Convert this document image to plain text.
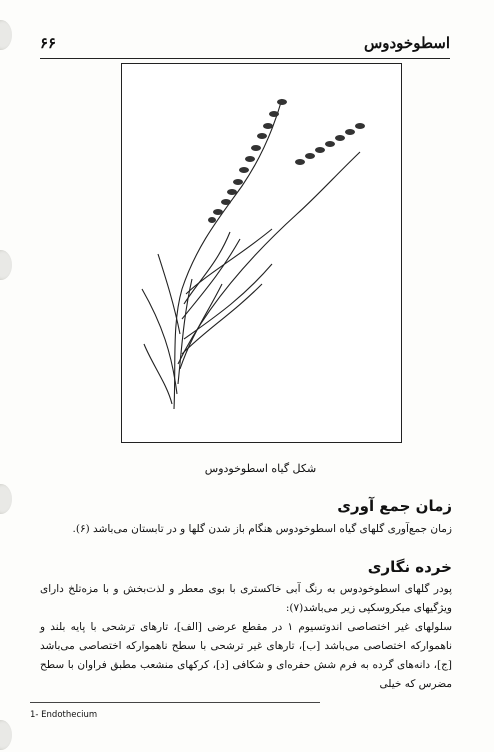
۶۶	اسطوخودوس
شکل گیاه اسطوخودوس
زمان جمع آوری
زمان جمع‌آوری گلهای گیاه اسطوخودوس هنگام باز شدن گلها و در تابستان می‌باشد (۶).
خرده نگاری
پودر گلهای اسطوخودوس به رنگ آبی خاکستری با بوی معطر و لذت‌بخش و با مزه‌تلخ دارای ویژگیهای میکروسکپی زیر می‌باشد(۷):
سلولهای غیر اختصاصی اندوتسیوم ۱ در مقطع عرضی [الف]، تارهای ترشحی با پایه بلند و ناهموارکه اختصاصی می‌باشد [ب]، تارهای غیر ترشحی با سطح ناهموارکه اختصاصی می‌باشد [ج]، دانه‌های گرده به فرم شش حفره‌ای و شکافی [د]، کرکهای منشعب مطبق فراوان با سطح مضرس که خیلی
1- Endothecium
